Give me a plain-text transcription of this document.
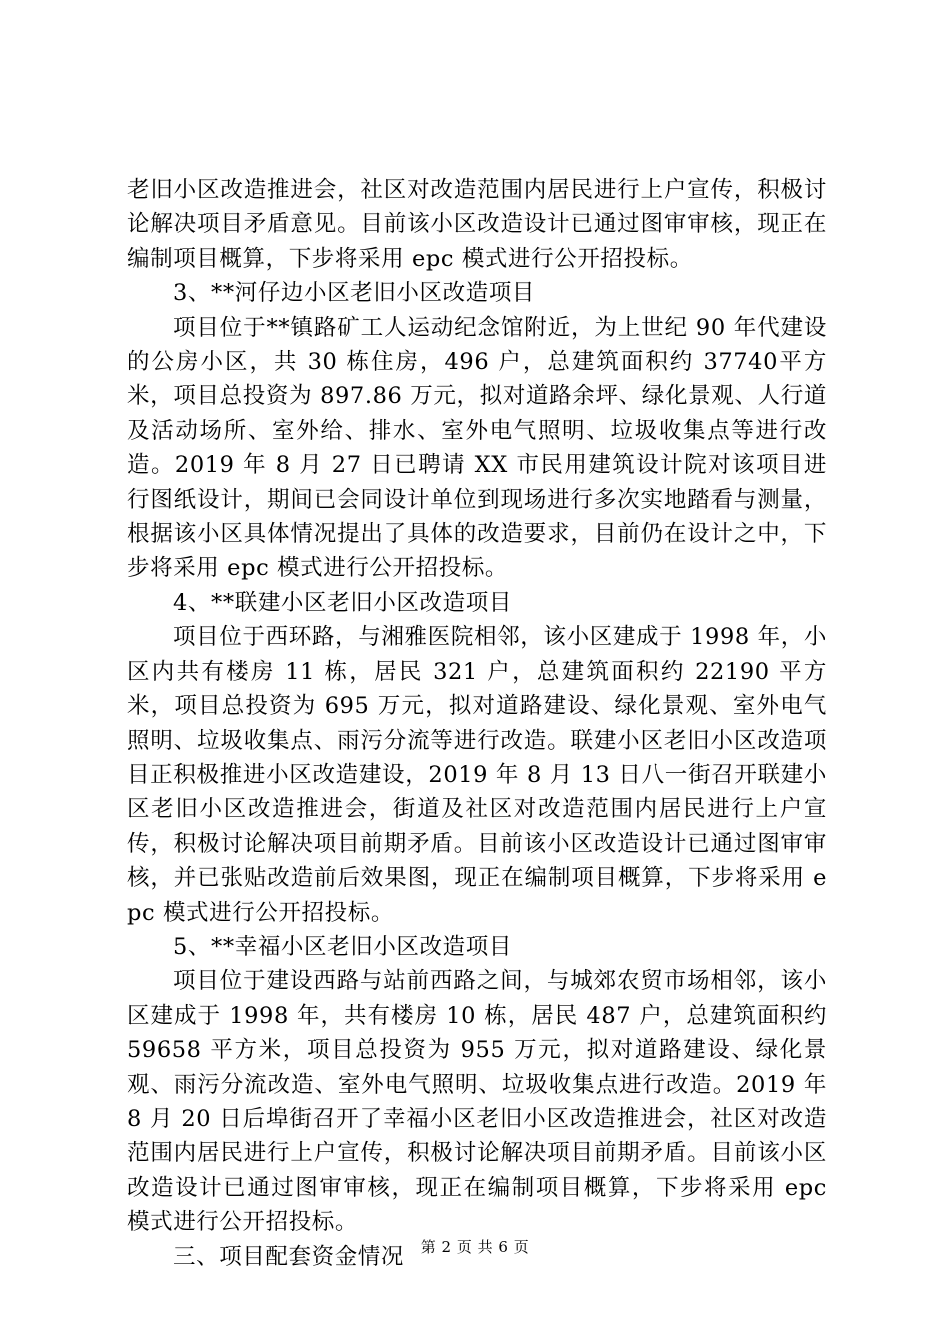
老旧小区改造推进会，社区对改造范围内居民进行上户宣传，积极讨论解决项目矛盾意见。目前该小区改造设计已通过图审审核，现正在编制项目概算，下步将采用 epc 模式进行公开招投标。

3、**河仔边小区老旧小区改造项目

项目位于**镇路矿工人运动纪念馆附近，为上世纪 90 年代建设的公房小区，共 30 栋住房，496 户，总建筑面积约 37740平方米，项目总投资为 897.86 万元，拟对道路余坪、绿化景观、人行道及活动场所、室外给、排水、室外电气照明、垃圾收集点等进行改造。2019 年 8 月 27 日已聘请 XX 市民用建筑设计院对该项目进行图纸设计，期间已会同设计单位到现场进行多次实地踏看与测量，根据该小区具体情况提出了具体的改造要求，目前仍在设计之中，下步将采用 epc 模式进行公开招投标。

4、**联建小区老旧小区改造项目

项目位于西环路，与湘雅医院相邻，该小区建成于 1998 年，小区内共有楼房 11 栋，居民 321 户，总建筑面积约 22190 平方米，项目总投资为 695 万元，拟对道路建设、绿化景观、室外电气照明、垃圾收集点、雨污分流等进行改造。联建小区老旧小区改造项目正积极推进小区改造建设，2019 年 8 月 13 日八一街召开联建小区老旧小区改造推进会，街道及社区对改造范围内居民进行上户宣传，积极讨论解决项目前期矛盾。目前该小区改造设计已通过图审审核，并已张贴改造前后效果图，现正在编制项目概算，下步将采用 epc 模式进行公开招投标。

5、**幸福小区老旧小区改造项目

项目位于建设西路与站前西路之间，与城郊农贸市场相邻，该小区建成于 1998 年，共有楼房 10 栋，居民 487 户，总建筑面积约 59658 平方米，项目总投资为 955 万元，拟对道路建设、绿化景观、雨污分流改造、室外电气照明、垃圾收集点进行改造。2019 年 8 月 20 日后埠街召开了幸福小区老旧小区改造推进会，社区对改造范围内居民进行上户宣传，积极讨论解决项目前期矛盾。目前该小区改造设计已通过图审审核，现正在编制项目概算，下步将采用 epc 模式进行公开招投标。

三、项目配套资金情况	第 2 页 共 6 页
